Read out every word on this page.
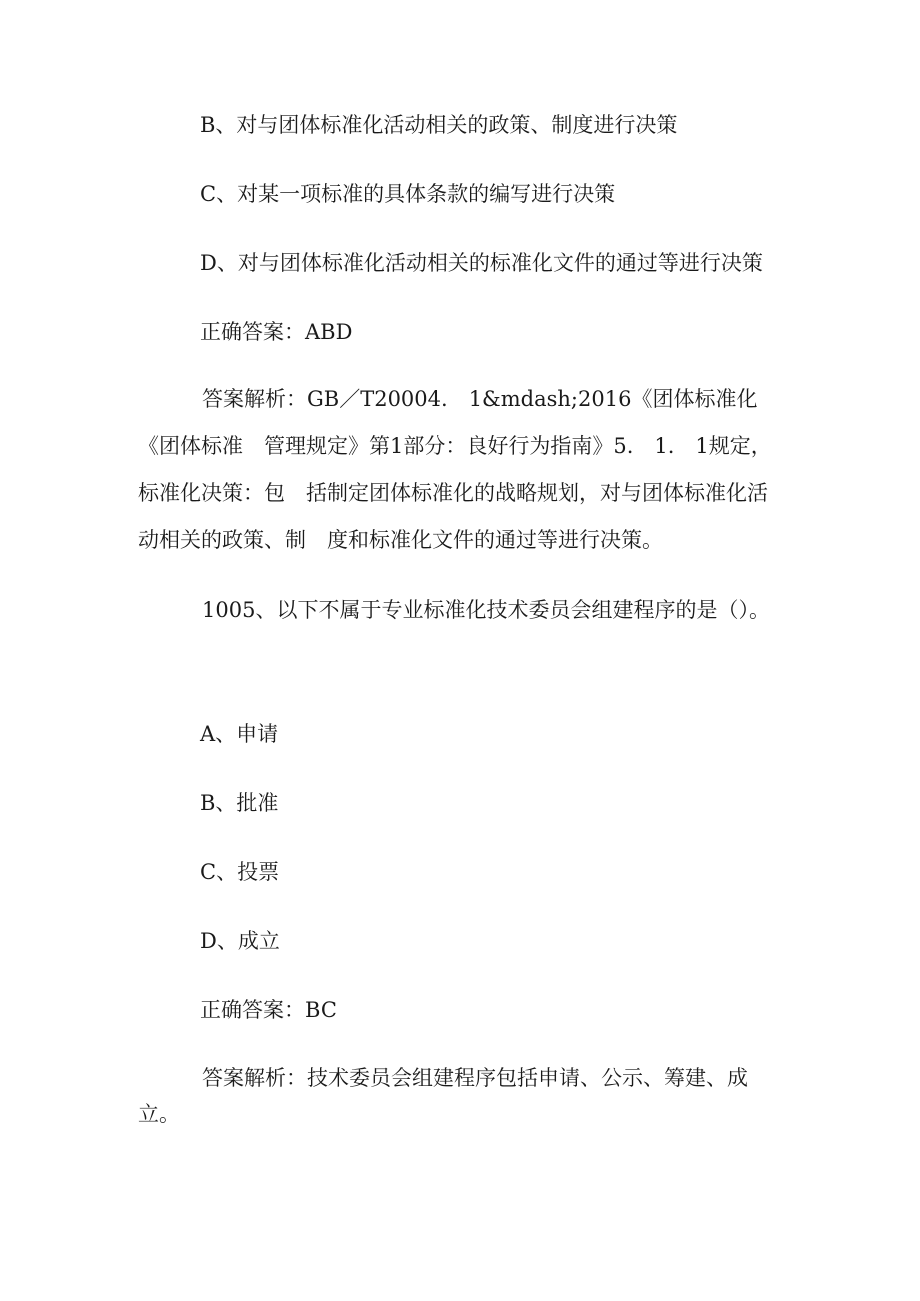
B、对与团体标准化活动相关的政策、制度进行决策

C、对某一项标准的具体条款的编写进行决策

D、对与团体标准化活动相关的标准化文件的通过等进行决策

正确答案：ABD

答案解析：GB／T20004.　1&mdash;2016《团体标准化《团体标准　管理规定》第1部分：良好行为指南》5.　1.　1规定，标准化决策：包　括制定团体标准化的战略规划，对与团体标准化活动相关的政策、制　度和标准化文件的通过等进行决策。

1005、以下不属于专业标准化技术委员会组建程序的是（）。

A、申请

B、批准

C、投票

D、成立

正确答案：BC

答案解析：技术委员会组建程序包括申请、公示、筹建、成立。
